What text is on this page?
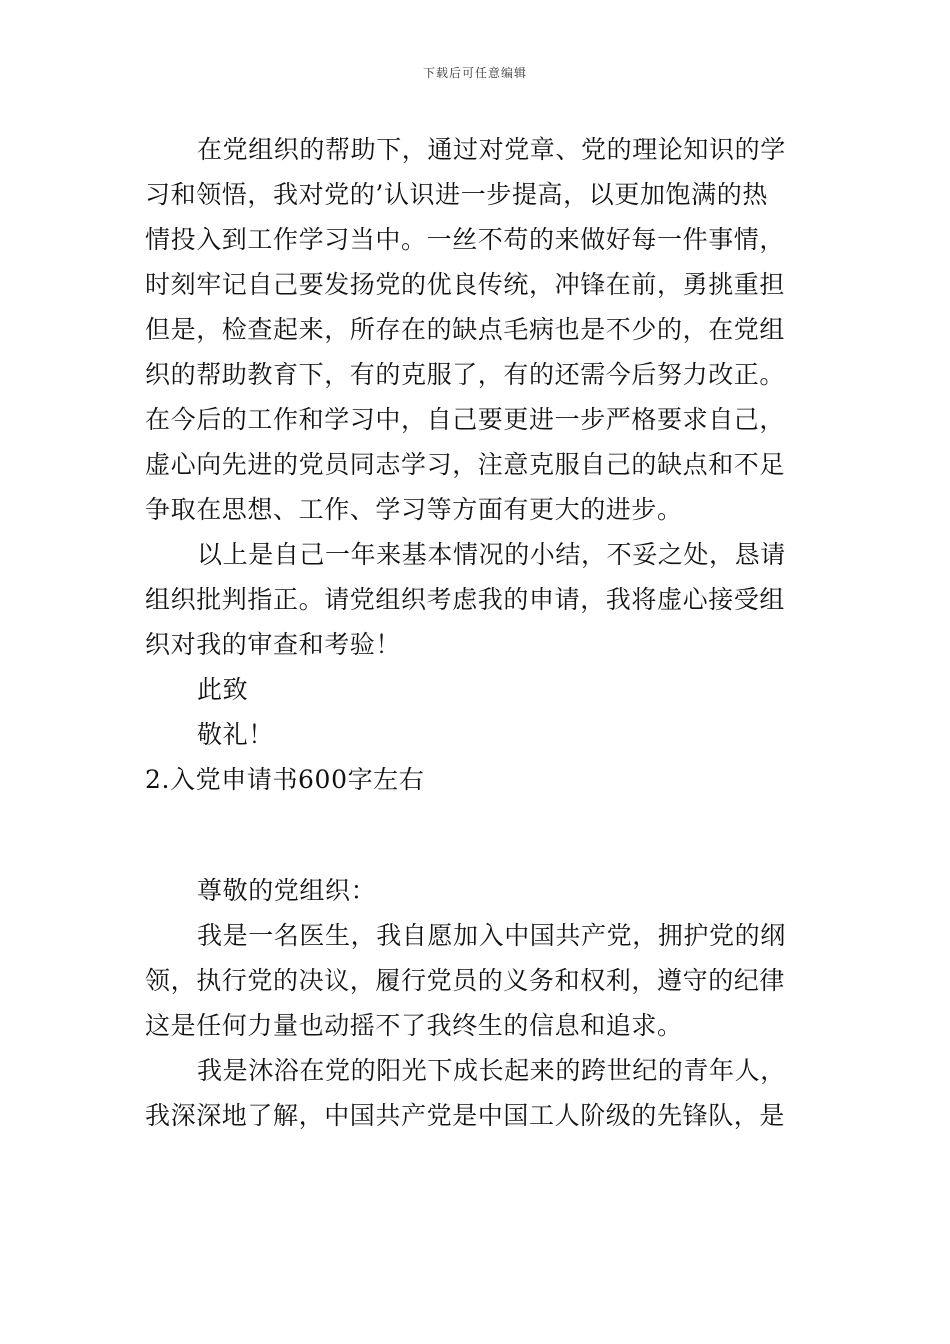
下载后可任意编辑
在党组织的帮助下，通过对党章、党的理论知识的学
习和领悟，我对党的’认识进一步提高，以更加饱满的热
情投入到工作学习当中。一丝不苟的来做好每一件事情，
时刻牢记自己要发扬党的优良传统，冲锋在前，勇挑重担
但是，检查起来，所存在的缺点毛病也是不少的，在党组
织的帮助教育下，有的克服了，有的还需今后努力改正。
在今后的工作和学习中，自己要更进一步严格要求自己，
虚心向先进的党员同志学习，注意克服自己的缺点和不足
争取在思想、工作、学习等方面有更大的进步。
以上是自己一年来基本情况的小结，不妥之处，恳请
组织批判指正。请党组织考虑我的申请，我将虚心接受组
织对我的审查和考验！
此致
敬礼！
2.入党申请书600字左右
尊敬的党组织：
我是一名医生，我自愿加入中国共产党，拥护党的纲
领，执行党的决议，履行党员的义务和权利，遵守的纪律
这是任何力量也动摇不了我终生的信息和追求。
我是沐浴在党的阳光下成长起来的跨世纪的青年人，
我深深地了解，中国共产党是中国工人阶级的先锋队，是
